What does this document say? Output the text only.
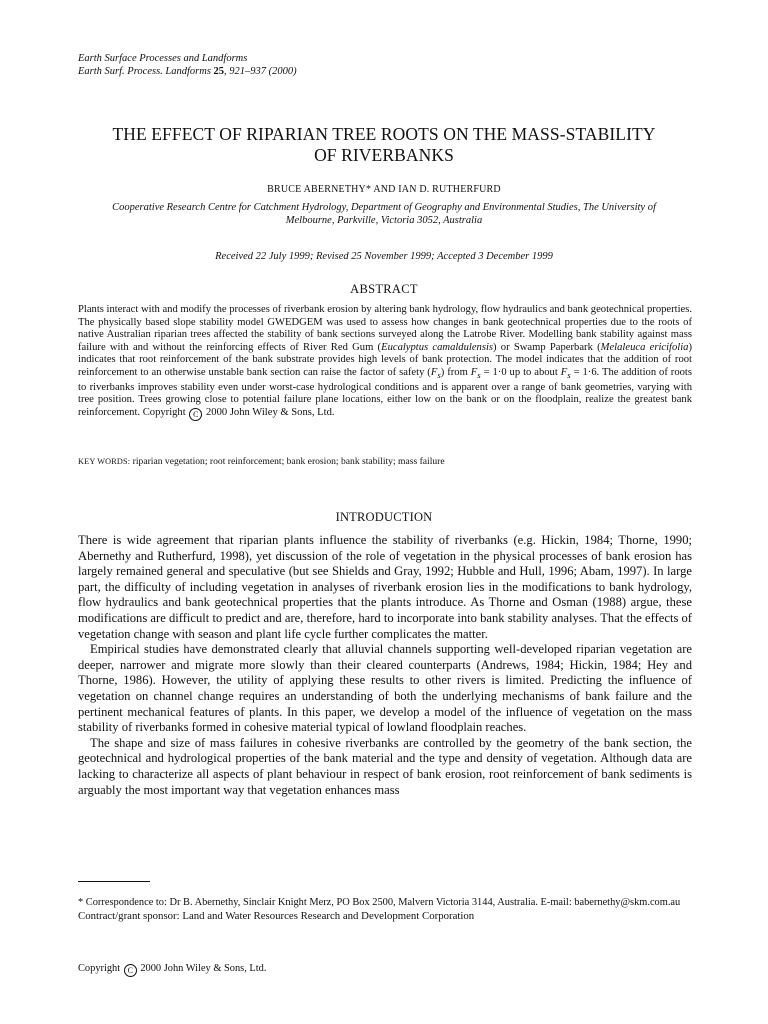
Earth Surface Processes and Landforms
Earth Surf. Process. Landforms 25, 921–937 (2000)
THE EFFECT OF RIPARIAN TREE ROOTS ON THE MASS-STABILITY
OF RIVERBANKS
BRUCE ABERNETHY* AND IAN D. RUTHERFURD
Cooperative Research Centre for Catchment Hydrology, Department of Geography and Environmental Studies, The University of
Melbourne, Parkville, Victoria 3052, Australia
Received 22 July 1999; Revised 25 November 1999; Accepted 3 December 1999
ABSTRACT
Plants interact with and modify the processes of riverbank erosion by altering bank hydrology, flow hydraulics and bank geotechnical properties. The physically based slope stability model GWEDGEM was used to assess how changes in bank geotechnical properties due to the roots of native Australian riparian trees affected the stability of bank sections surveyed along the Latrobe River. Modelling bank stability against mass failure with and without the reinforcing effects of River Red Gum (Eucalyptus camaldulensis) or Swamp Paperbark (Melaleuca ericifolia) indicates that root reinforcement of the bank substrate provides high levels of bank protection. The model indicates that the addition of root reinforcement to an otherwise unstable bank section can raise the factor of safety $(F_s)$ from $F_s = 1\cdot 0$ up to about $F_s = 1\cdot 6$. The addition of roots to riverbanks improves stability even under worst-case hydrological conditions and is apparent over a range of bank geometries, varying with tree position. Trees growing close to potential failure plane locations, either low on the bank or on the floodplain, realize the greatest bank reinforcement. Copyright C 2000 John Wiley & Sons, Ltd.
KEY WORDS: riparian vegetation; root reinforcement; bank erosion; bank stability; mass failure
INTRODUCTION

There is wide agreement that riparian plants influence the stability of riverbanks (e.g. Hickin, 1984; Thorne, 1990; Abernethy and Rutherfurd, 1998), yet discussion of the role of vegetation in the physical processes of bank erosion has largely remained general and speculative (but see Shields and Gray, 1992; Hubble and Hull, 1996; Abam, 1997). In large part, the difficulty of including vegetation in analyses of riverbank erosion lies in the modifications to bank hydrology, flow hydraulics and bank geotechnical properties that the plants introduce. As Thorne and Osman (1988) argue, these modifications are difficult to predict and are, therefore, hard to incorporate into bank stability analyses. That the effects of vegetation change with season and plant life cycle further complicates the matter.

Empirical studies have demonstrated clearly that alluvial channels supporting well-developed riparian vegetation are deeper, narrower and migrate more slowly than their cleared counterparts (Andrews, 1984; Hickin, 1984; Hey and Thorne, 1986). However, the utility of applying these results to other rivers is limited. Predicting the influence of vegetation on channel change requires an understanding of both the underlying mechanisms of bank failure and the pertinent mechanical features of plants. In this paper, we develop a model of the influence of vegetation on the mass stability of riverbanks formed in cohesive material typical of lowland floodplain reaches.

The shape and size of mass failures in cohesive riverbanks are controlled by the geometry of the bank section, the geotechnical and hydrological properties of the bank material and the type and density of vegetation. Although data are lacking to characterize all aspects of plant behaviour in respect of bank erosion, root reinforcement of bank sediments is arguably the most important way that vegetation enhances mass

* Correspondence to: Dr B. Abernethy, Sinclair Knight Merz, PO Box 2500, Malvern Victoria 3144, Australia. E-mail: babernethy@skm.com.au

Contract/grant sponsor: Land and Water Resources Research and Development Corporation

Copyright C 2000 John Wiley & Sons, Ltd.
